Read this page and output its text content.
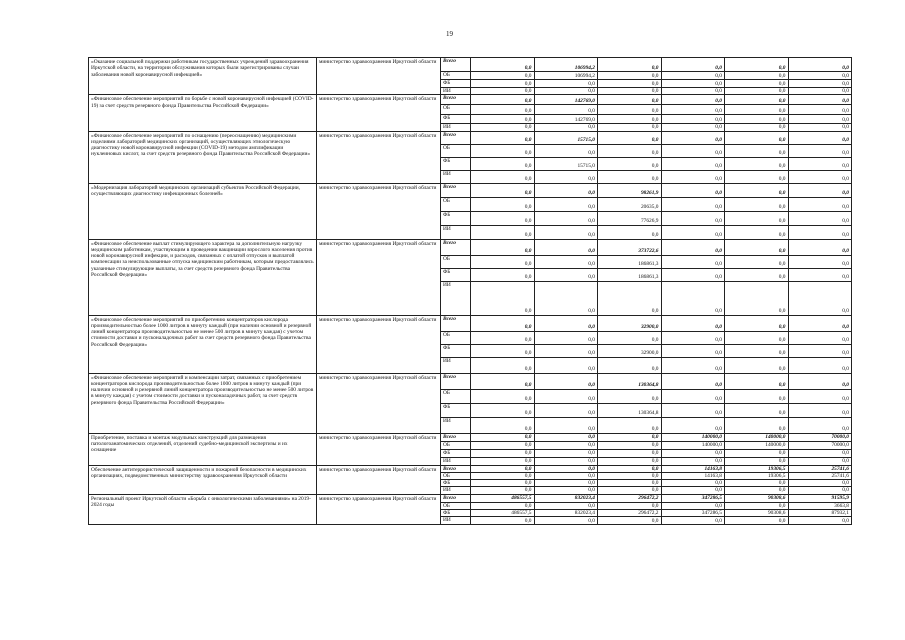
19
«Оказание социальной поддержки работникам государственных учреждений здравоохранения Иркутской области, на территории обслуживания которых были зарегистрированы случаи заболевания новой коронавирусной инфекцией»	министерство здравоохранения Иркутской области	Всего	0,0	106994,2	0,0	0,0	0,0	0,0
		ОБ	0,0	106994,2	0,0	0,0	0,0	0,0
		ФБ	0,0	0,0	0,0	0,0	0,0	0,0
		ИИ	0,0	0,0	0,0	0,0	0,0	0,0
«Финансовое обеспечение мероприятий по борьбе с новой коронавирусной инфекцией (COVID-19) за счет средств резервного фонда Правительства Российской Федерации»	министерство здравоохранения Иркутской области	Всего	0,0	142769,0	0,0	0,0	0,0	0,0
		ОБ	0,0	0,0	0,0	0,0	0,0	0,0
		ФБ	0,0	142769,0	0,0	0,0	0,0	0,0
		ИИ	0,0	0,0	0,0	0,0	0,0	0,0
«Финансовое обеспечение мероприятий по оснащению (переоснащению) медицинскими изделиями лабораторий медицинских организаций, осуществляющих этиологическую диагностику новой коронавирусной инфекции (COVID-19) методом амплификации нуклеиновых кислот, за счет средств резервного фонда Правительства Российской Федерации»	министерство здравоохранения Иркутской области	Всего	0,0	15715,0	0,0	0,0	0,0	0,0
		ОБ	0,0	0,0	0,0	0,0	0,0	0,0
		ФБ	0,0	15715,0	0,0	0,0	0,0	0,0
		ИИ	0,0	0,0	0,0	0,0	0,0	0,0
«Модернизация лабораторий медицинских организаций субъектов Российской Федерации, осуществляющих диагностику инфекционных болезней»	министерство здравоохранения Иркутской области	Всего	0,0	0,0	98261,9	0,0	0,0	0,0
		ОБ	0,0	0,0	20635,0	0,0	0,0	0,0
		ФБ	0,0	0,0	77626,9	0,0	0,0	0,0
		ИИ	0,0	0,0	0,0	0,0	0,0	0,0
«Финансовое обеспечение выплат стимулирующего характера за дополнительную нагрузку медицинским работникам, участвующим в проведении вакцинации взрослого населения против новой коронавирусной инфекции, и расходов, связанных с оплатой отпусков и выплатой компенсации за неиспользованные отпуска медицинским работникам, которым предоставлялись указанные стимулирующие выплаты, за счет средств резервного фонда Правительства Российской Федерации»	министерство здравоохранения Иркутской области	Всего	0,0	0,0	373722,6	0,0	0,0	0,0
		ОБ	0,0	0,0	186861,3	0,0	0,0	0,0
		ФБ	0,0	0,0	186861,3	0,0	0,0	0,0
		ИИ	0,0	0,0	0,0	0,0	0,0	0,0
«Финансовое обеспечение мероприятий по приобретению концентраторов кислорода производительностью более 1000 литров в минуту каждый (при наличии основной и резервной линий концентратора производительностью не менее 500 литров в минуту каждая) с учетом стоимости доставки и пусконаладочных работ за счет средств резервного фонда Правительства Российской Федерации»	министерство здравоохранения Иркутской области	Всего	0,0	0,0	32900,0	0,0	0,0	0,0
		ОБ	0,0	0,0	0,0	0,0	0,0	0,0
		ФБ	0,0	0,0	32900,0	0,0	0,0	0,0
		ИИ	0,0	0,0	0,0	0,0	0,0	0,0
«Финансовое обеспечение мероприятий и компенсации затрат, связанных с приобретением концентраторов кислорода производительностью более 1000 литров в минуту каждый (при наличии основной и резервной линий концентратора производительностью не менее 500 литров в минуту каждая) с учетом стоимости доставки и пусконаладочных работ, за счет средств резервного фонда Правительства Российской Федерации»	министерство здравоохранения Иркутской области	Всего	0,0	0,0	130364,8	0,0	0,0	0,0
		ОБ	0,0	0,0	0,0	0,0	0,0	0,0
		ФБ	0,0	0,0	130364,8	0,0	0,0	0,0
		ИИ	0,0	0,0	0,0	0,0	0,0	0,0
Приобретение, поставка и монтаж модульных конструкций для размещения патологоанатомических отделений, отделений судебно-медицинской экспертизы и их оснащение	министерство здравоохранения Иркутской области	Всего	0,0	0,0	0,0	140000,0	140000,0	70000,0
		ОБ	0,0	0,0	0,0	140000,0	140000,0	70000,0
		ФБ	0,0	0,0	0,0	0,0	0,0	0,0
		ИИ	0,0	0,0	0,0	0,0	0,0	0,0
Обеспечение антитеррористической защищенности и пожарной безопасности в медицинских организациях, подведомственных министерству здравоохранения Иркутской области	министерство здравоохранения Иркутской области	Всего	0,0	0,0	0,0	14163,8	19306,5	25741,6
		ОБ	0,0	0,0	0,0	14163,8	19306,5	25741,6
		ФБ	0,0	0,0	0,0	0,0	0,0	0,0
		ИИ	0,0	0,0	0,0	0,0	0,0	0,0
Региональный проект Иркутской области «Борьба с онкологическими заболеваниями» на 2019-2024 годы	министерство здравоохранения Иркутской области	Всего	486557,5	832023,4	296472,2	347286,5	90308,6	91595,9
		ОБ	0,0	0,0	0,0	0,0	0,0	3663,8
		ФБ	486557,5	832023,4	296472,2	347286,5	90308,6	87932,1
		ИИ	0,0	0,0	0,0	0,0	0,0	0,0
